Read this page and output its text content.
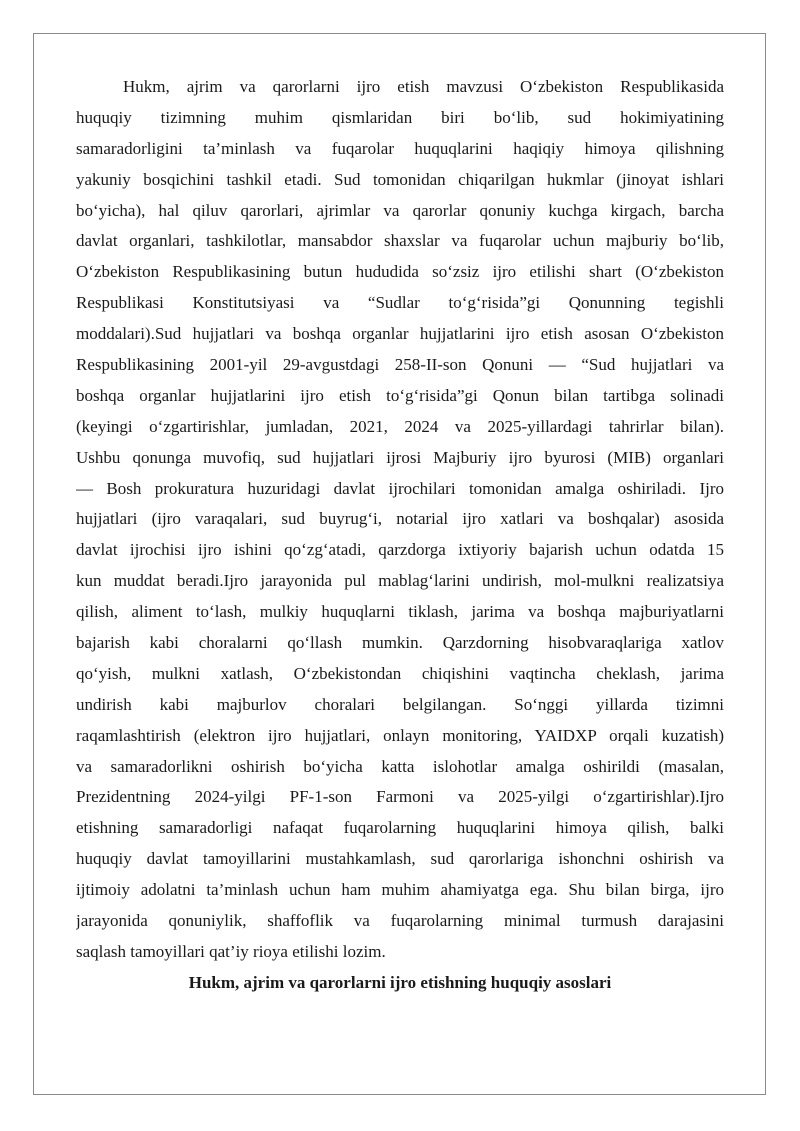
Hukm, ajrim va qarorlarni ijro etish mavzusi O‘zbekiston Respublikasida
huquqiy tizimning muhim qismlaridan biri bo‘lib, sud hokimiyatining
samaradorligini ta’minlash va fuqarolar huquqlarini haqiqiy himoya qilishning
yakuniy bosqichini tashkil etadi. Sud tomonidan chiqarilgan hukmlar (jinoyat ishlari
bo‘yicha), hal qiluv qarorlari, ajrimlar va qarorlar qonuniy kuchga kirgach, barcha
davlat organlari, tashkilotlar, mansabdor shaxslar va fuqarolar uchun majburiy bo‘lib,
O‘zbekiston Respublikasining butun hududida so‘zsiz ijro etilishi shart (O‘zbekiston
Respublikasi Konstitutsiyasi va “Sudlar to‘g‘risida”gi Qonunning tegishli
moddalari).Sud hujjatlari va boshqa organlar hujjatlarini ijro etish asosan O‘zbekiston
Respublikasining 2001-yil 29-avgustdagi 258-II-son Qonuni — “Sud hujjatlari va
boshqa organlar hujjatlarini ijro etish to‘g‘risida”gi Qonun bilan tartibga solinadi
(keyingi o‘zgartirishlar, jumladan, 2021, 2024 va 2025-yillardagi tahrirlar bilan).
Ushbu qonunga muvofiq, sud hujjatlari ijrosi Majburiy ijro byurosi (MIB) organlari
— Bosh prokuratura huzuridagi davlat ijrochilari tomonidan amalga oshiriladi. Ijro
hujjatlari (ijro varaqalari, sud buyrug‘i, notarial ijro xatlari va boshqalar) asosida
davlat ijrochisi ijro ishini qo‘zg‘atadi, qarzdorga ixtiyoriy bajarish uchun odatda 15
kun muddat beradi.Ijro jarayonida pul mablag‘larini undirish, mol-mulkni realizatsiya
qilish, aliment to‘lash, mulkiy huquqlarni tiklash, jarima va boshqa majburiyatlarni
bajarish kabi choralarni qo‘llash mumkin. Qarzdorning hisobvaraqlariga xatlov
qo‘yish, mulkni xatlash, O‘zbekistondan chiqishini vaqtincha cheklash, jarima
undirish kabi majburlov choralari belgilangan. So‘nggi yillarda tizimni
raqamlashtirish (elektron ijro hujjatlari, onlayn monitoring, YAIDXP orqali kuzatish)
va samaradorlikni oshirish bo‘yicha katta islohotlar amalga oshirildi (masalan,
Prezidentning 2024-yilgi PF-1-son Farmoni va 2025-yilgi o‘zgartirishlar).Ijro
etishning samaradorligi nafaqat fuqarolarning huquqlarini himoya qilish, balki
huquqiy davlat tamoyillarini mustahkamlash, sud qarorlariga ishonchni oshirish va
ijtimoiy adolatni ta’minlash uchun ham muhim ahamiyatga ega. Shu bilan birga, ijro
jarayonida qonuniylik, shaffoflik va fuqarolarning minimal turmush darajasini
saqlash tamoyillari qat’iy rioya etilishi lozim.
Hukm, ajrim va qarorlarni ijro etishning huquqiy asoslari
